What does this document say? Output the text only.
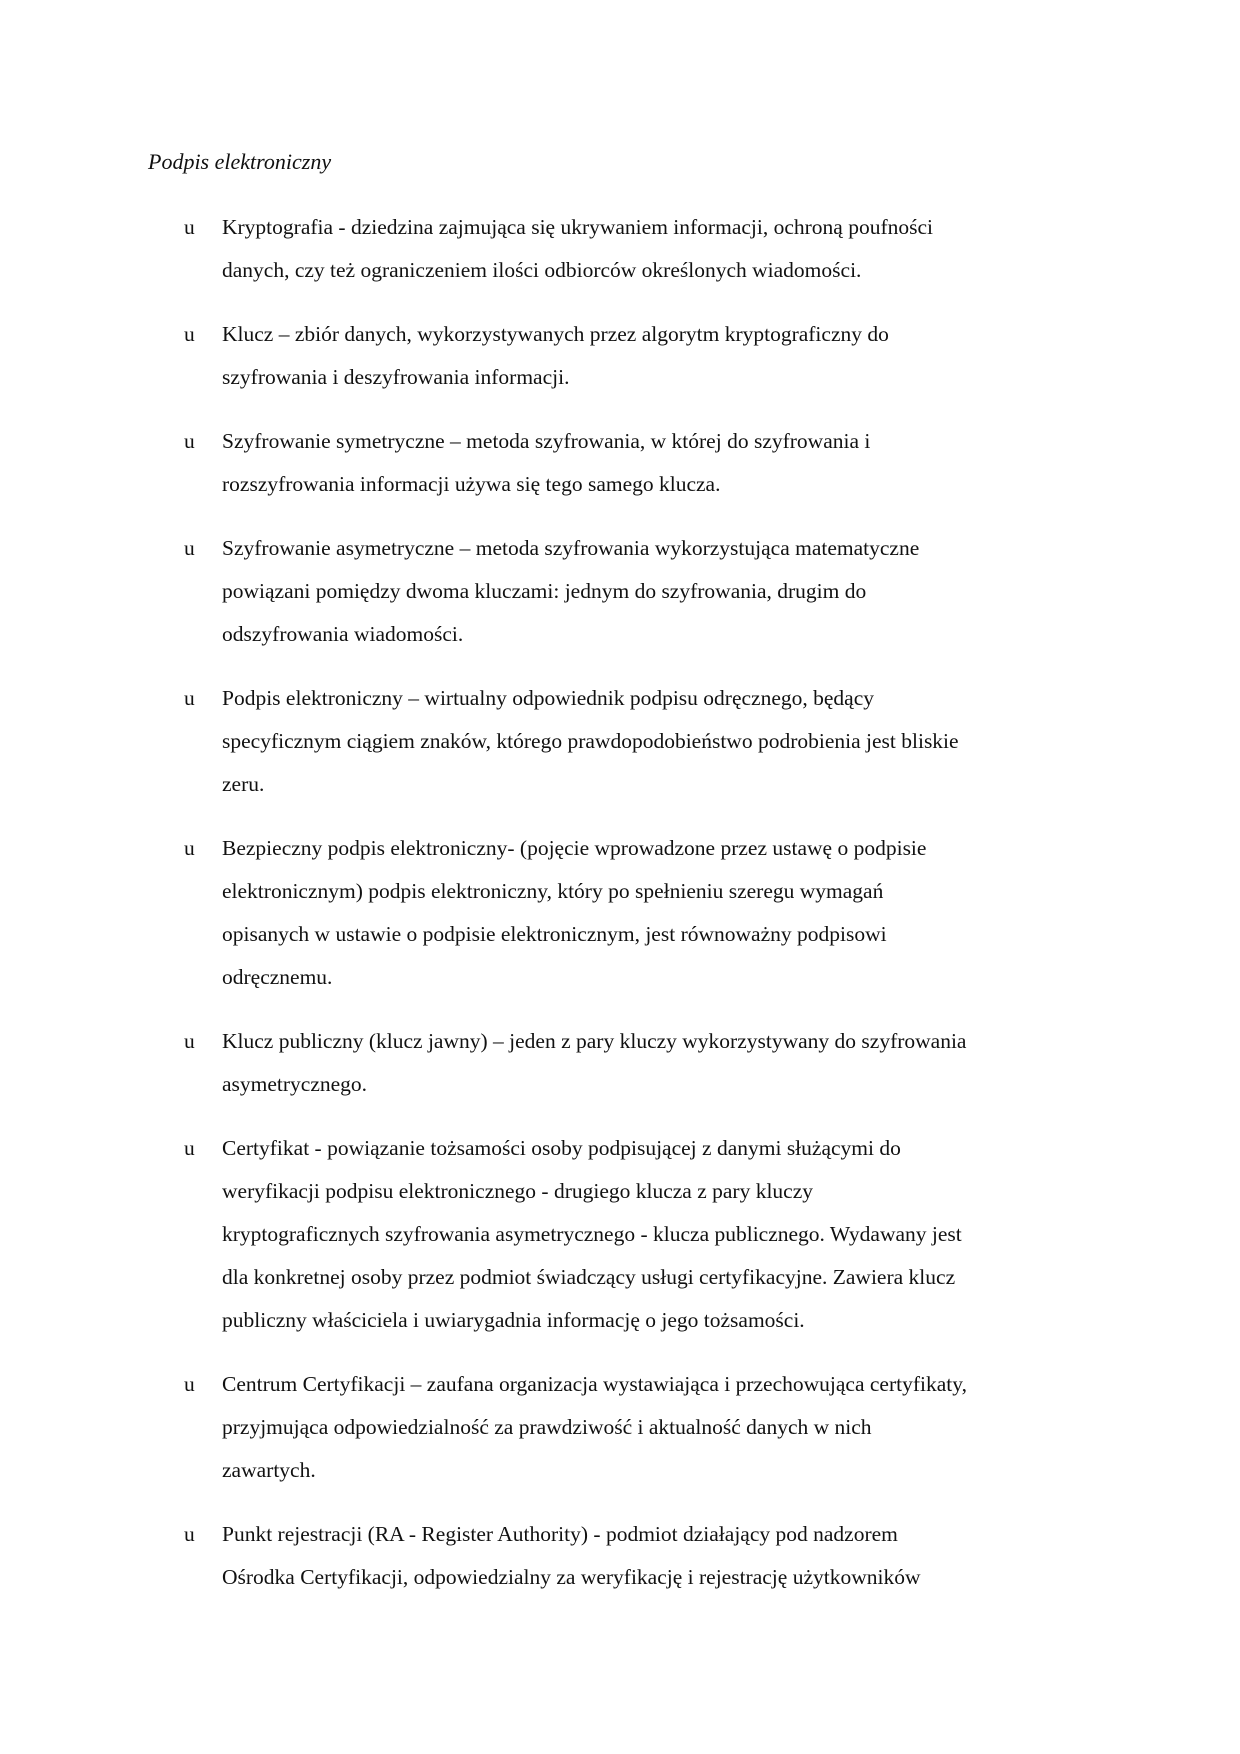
Podpis elektroniczny
u	Kryptografia - dziedzina zajmująca się ukrywaniem informacji, ochroną poufności
danych, czy też ograniczeniem ilości odbiorców określonych wiadomości.
u	Klucz – zbiór danych, wykorzystywanych przez algorytm kryptograficzny do
szyfrowania i deszyfrowania informacji.
u	Szyfrowanie symetryczne – metoda szyfrowania, w której do szyfrowania i
rozszyfrowania informacji używa się tego samego klucza.
u	Szyfrowanie asymetryczne – metoda szyfrowania wykorzystująca matematyczne
powiązani pomiędzy dwoma kluczami: jednym do szyfrowania, drugim do
odszyfrowania wiadomości.
u	Podpis elektroniczny – wirtualny odpowiednik podpisu odręcznego, będący
specyficznym ciągiem znaków, którego prawdopodobieństwo podrobienia jest bliskie
zeru.
u	Bezpieczny podpis elektroniczny- (pojęcie wprowadzone przez ustawę o podpisie
elektronicznym) podpis elektroniczny, który po spełnieniu szeregu wymagań
opisanych w ustawie o podpisie elektronicznym, jest równoważny podpisowi
odręcznemu.
u	Klucz publiczny (klucz jawny) – jeden z pary kluczy wykorzystywany do szyfrowania
asymetrycznego.
u	Certyfikat - powiązanie tożsamości osoby podpisującej z danymi służącymi do
weryfikacji podpisu elektronicznego - drugiego klucza z pary kluczy
kryptograficznych szyfrowania asymetrycznego - klucza publicznego. Wydawany jest
dla konkretnej osoby przez podmiot świadczący usługi certyfikacyjne. Zawiera klucz
publiczny właściciela i uwiarygadnia informację o jego tożsamości.
u	Centrum Certyfikacji – zaufana organizacja wystawiająca i przechowująca certyfikaty,
przyjmująca odpowiedzialność za prawdziwość i aktualność danych w nich
zawartych.
u	Punkt rejestracji (RA - Register Authority) - podmiot działający pod nadzorem
Ośrodka Certyfikacji, odpowiedzialny za weryfikację i rejestrację użytkowników
